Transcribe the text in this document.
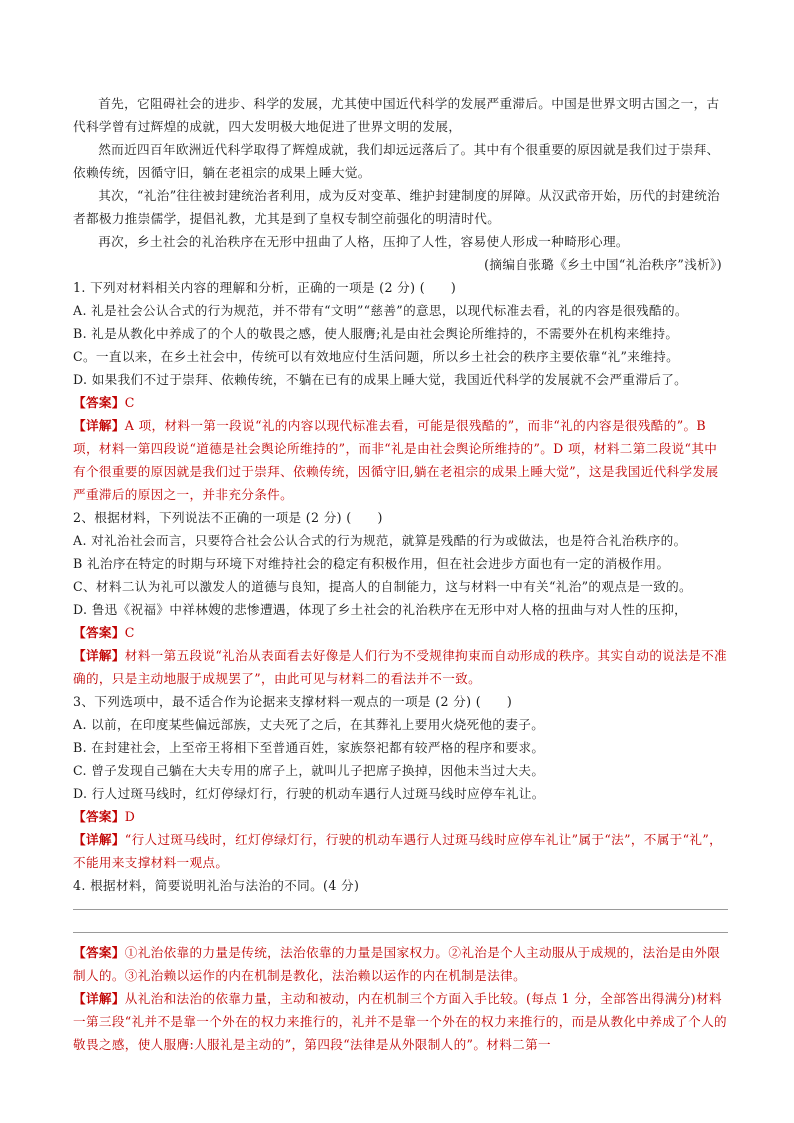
首先，它阻碍社会的进步、科学的发展，尤其使中国近代科学的发展严重滞后。中国是世界文明古国之一，古代科学曾有过辉煌的成就，四大发明极大地促进了世界文明的发展，

然而近四百年欧洲近代科学取得了辉煌成就，我们却远远落后了。其中有个很重要的原因就是我们过于崇拜、依赖传统，因循守旧，躺在老祖宗的成果上睡大觉。

其次，“礼治”往往被封建统治者利用，成为反对变革、维护封建制度的屏障。从汉武帝开始，历代的封建统治者都极力推崇儒学，提倡礼教，尤其是到了皇权专制空前强化的明清时代。

再次，乡土社会的礼治秩序在无形中扭曲了人格，压抑了人性，容易使人形成一种畸形心理。

(摘编自张璐《乡土中国“礼治秩序”浅析》)

1. 下列对材料相关内容的理解和分析，正确的一项是 (2 分) (　　)

A. 礼是社会公认合式的行为规范，并不带有“文明”“慈善”的意思，以现代标准去看，礼的内容是很残酷的。

B. 礼是从教化中养成了的个人的敬畏之感，使人服膺;礼是由社会舆论所维持的，不需要外在机构来维持。

C。一直以来，在乡土社会中，传统可以有效地应付生活问题，所以乡土社会的秩序主要依靠“礼”来维持。

D. 如果我们不过于崇拜、依赖传统，不躺在已有的成果上睡大觉，我国近代科学的发展就不会严重滞后了。

【答案】C

【详解】A 项，材料一第一段说“礼的内容以现代标准去看，可能是很残酷的”，而非“礼的内容是很残酷的”。B 项，材料一第四段说“道德是社会舆论所维持的”，而非“礼是由社会舆论所维持的”。D 项，材料二第二段说“其中有个很重要的原因就是我们过于崇拜、依赖传统，因循守旧,躺在老祖宗的成果上睡大觉”，这是我国近代科学发展严重滞后的原因之一，并非充分条件。

2、根据材料，下列说法不正确的一项是 (2 分) (　　)

A. 对礼治社会而言，只要符合社会公认合式的行为规范，就算是残酷的行为或做法，也是符合礼治秩序的。

B 礼治序在特定的时期与环境下对维持社会的稳定有积极作用，但在社会进步方面也有一定的消极作用。

C、材料二认为礼可以激发人的道德与良知，提高人的自制能力，这与材料一中有关“礼治”的观点是一致的。

D. 鲁迅《祝福》中祥林嫂的悲惨遭遇，体现了乡土社会的礼治秩序在无形中对人格的扭曲与对人性的压抑，

【答案】C

【详解】材料一第五段说“礼治从表面看去好像是人们行为不受规律拘束而自动形成的秩序。其实自动的说法是不准确的，只是主动地服于成规罢了”，由此可见与材料二的看法并不一致。

3、下列选项中，最不适合作为论据来支撑材料一观点的一项是 (2 分) (　　)

A. 以前，在印度某些偏远部族，丈夫死了之后，在其葬礼上要用火烧死他的妻子。

B. 在封建社会，上至帝王将相下至普通百姓，家族祭祀都有较严格的程序和要求。

C. 曾子发现自己躺在大夫专用的席子上，就叫儿子把席子换掉，因他未当过大夫。

D. 行人过斑马线时，红灯停绿灯行，行驶的机动车遇行人过斑马线时应停车礼让。

【答案】D

【详解】“行人过斑马线时，红灯停绿灯行，行驶的机动车遇行人过斑马线时应停车礼让”属于“法”，不属于“礼”，不能用来支撑材料一观点。

4. 根据材料，简要说明礼治与法治的不同。(4 分)

【答案】①礼治依靠的力量是传统，法治依靠的力量是国家权力。②礼治是个人主动服从于成规的，法治是由外限制人的。③礼治赖以运作的内在机制是教化，法治赖以运作的内在机制是法律。

【详解】从礼治和法治的依靠力量，主动和被动，内在机制三个方面入手比较。(每点 1 分，全部答出得满分)材料一第三段“礼并不是靠一个外在的权力来推行的，礼并不是靠一个外在的权力来推行的，而是从教化中养成了个人的敬畏之感，使人服膺:人服礼是主动的”，第四段“法律是从外限制人的”。材料二第一
